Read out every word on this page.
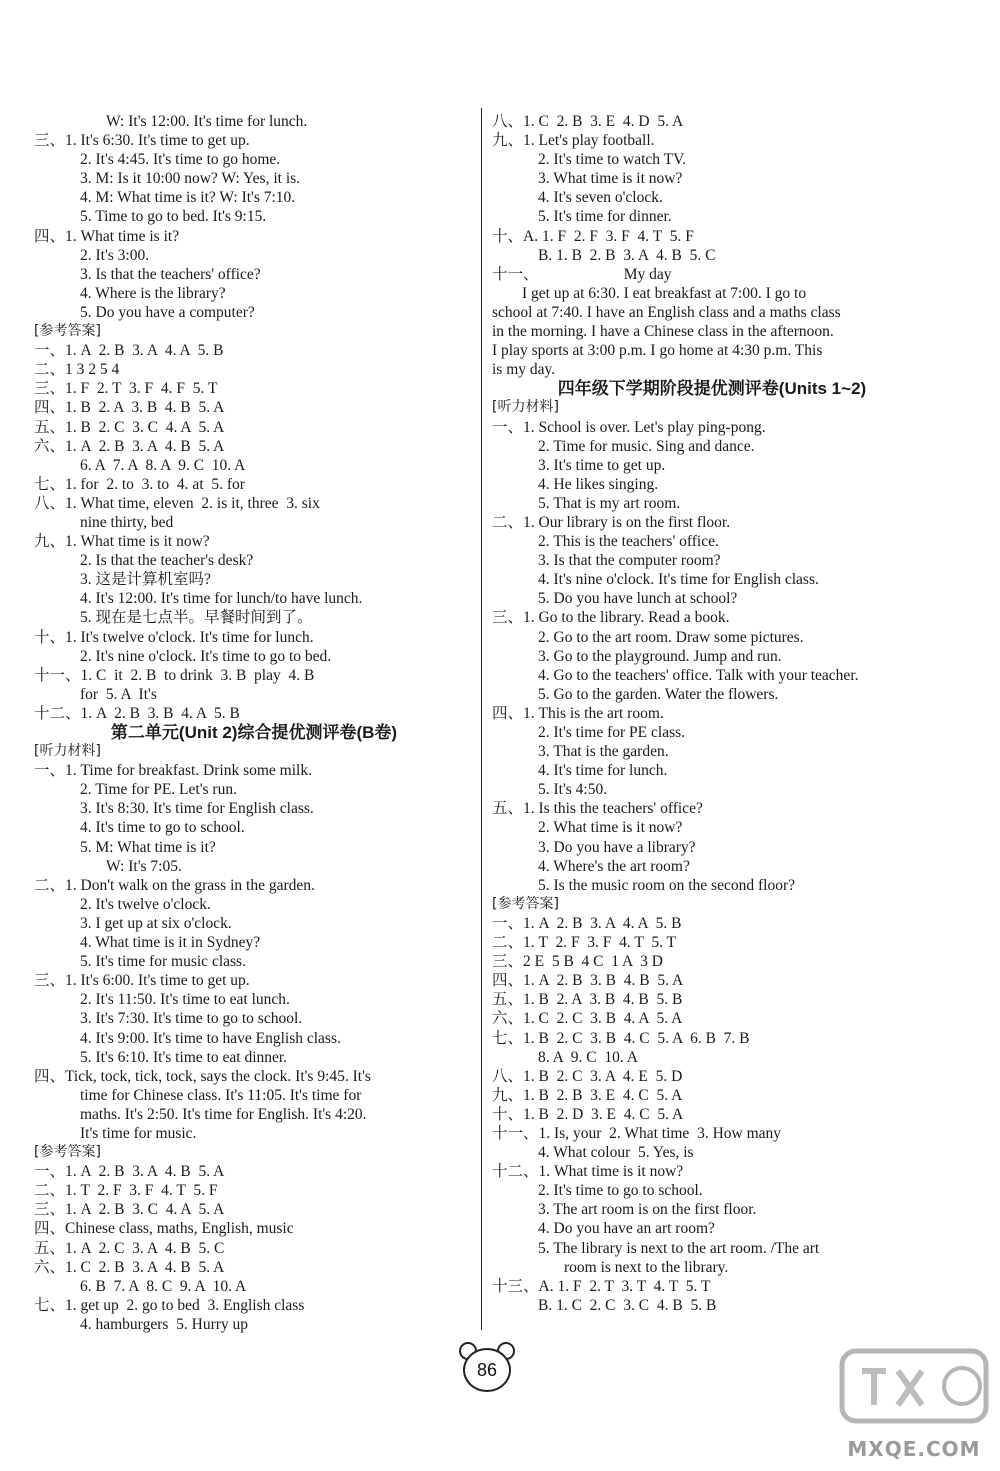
W: It's 12:00. It's time for lunch.
三、1. It's 6:30. It's time to get up.
2. It's 4:45. It's time to go home.
3. M: Is it 10:00 now? W: Yes, it is.
4. M: What time is it? W: It's 7:10.
5. Time to go to bed. It's 9:15.
四、1. What time is it?
2. It's 3:00.
3. Is that the teachers' office?
4. Where is the library?
5. Do you have a computer?
[参考答案]
一、1. A  2. B  3. A  4. A  5. B
二、1 3 2 5 4
三、1. F  2. T  3. F  4. F  5. T
四、1. B  2. A  3. B  4. B  5. A
五、1. B  2. C  3. C  4. A  5. A
六、1. A  2. B  3. A  4. B  5. A
6. A  7. A  8. A  9. C  10. A
七、1. for  2. to  3. to  4. at  5. for
八、1. What time, eleven  2. is it, three  3. six
nine thirty, bed
九、1. What time is it now?
2. Is that the teacher's desk?
3. 这是计算机室吗?
4. It's 12:00. It's time for lunch/to have lunch.
5. 现在是七点半。早餐时间到了。
十、1. It's twelve o'clock. It's time for lunch.
2. It's nine o'clock. It's time to go to bed.
十一、1. C  it  2. B  to drink  3. B  play  4. B
for  5. A  It's
十二、1. A  2. B  3. B  4. A  5. B
第二单元(Unit 2)综合提优测评卷(B卷)
[听力材料]
一、1. Time for breakfast. Drink some milk.
2. Time for PE. Let's run.
3. It's 8:30. It's time for English class.
4. It's time to go to school.
5. M: What time is it?
W: It's 7:05.
二、1. Don't walk on the grass in the garden.
2. It's twelve o'clock.
3. I get up at six o'clock.
4. What time is it in Sydney?
5. It's time for music class.
三、1. It's 6:00. It's time to get up.
2. It's 11:50. It's time to eat lunch.
3. It's 7:30. It's time to go to school.
4. It's 9:00. It's time to have English class.
5. It's 6:10. It's time to eat dinner.
四、Tick, tock, tick, tock, says the clock. It's 9:45. It's
time for Chinese class. It's 11:05. It's time for
maths. It's 2:50. It's time for English. It's 4:20.
It's time for music.
[参考答案]
一、1. A  2. B  3. A  4. B  5. A
二、1. T  2. F  3. F  4. T  5. F
三、1. A  2. B  3. C  4. A  5. A
四、Chinese class, maths, English, music
五、1. A  2. C  3. A  4. B  5. C
六、1. C  2. B  3. A  4. B  5. A
6. B  7. A  8. C  9. A  10. A
七、1. get up  2. go to bed  3. English class
4. hamburgers  5. Hurry up
八、1. C  2. B  3. E  4. D  5. A
九、1. Let's play football.
2. It's time to watch TV.
3. What time is it now?
4. It's seven o'clock.
5. It's time for dinner.
十、A. 1. F  2. F  3. F  4. T  5. F
B. 1. B  2. B  3. A  4. B  5. C
十一、                      My day
I get up at 6:30. I eat breakfast at 7:00. I go to
school at 7:40. I have an English class and a maths class
in the morning. I have a Chinese class in the afternoon.
I play sports at 3:00 p.m. I go home at 4:30 p.m. This
is my day.
四年级下学期阶段提优测评卷(Units 1~2)
[听力材料]
一、1. School is over. Let's play ping-pong.
2. Time for music. Sing and dance.
3. It's time to get up.
4. He likes singing.
5. That is my art room.
二、1. Our library is on the first floor.
2. This is the teachers' office.
3. Is that the computer room?
4. It's nine o'clock. It's time for English class.
5. Do you have lunch at school?
三、1. Go to the library. Read a book.
2. Go to the art room. Draw some pictures.
3. Go to the playground. Jump and run.
4. Go to the teachers' office. Talk with your teacher.
5. Go to the garden. Water the flowers.
四、1. This is the art room.
2. It's time for PE class.
3. That is the garden.
4. It's time for lunch.
5. It's 4:50.
五、1. Is this the teachers' office?
2. What time is it now?
3. Do you have a library?
4. Where's the art room?
5. Is the music room on the second floor?
[参考答案]
一、1. A  2. B  3. A  4. A  5. B
二、1. T  2. F  3. F  4. T  5. T
三、2 E  5 B  4 C  1 A  3 D
四、1. A  2. B  3. B  4. B  5. A
五、1. B  2. A  3. B  4. B  5. B
六、1. C  2. C  3. B  4. A  5. A
七、1. B  2. C  3. B  4. C  5. A  6. B  7. B
8. A  9. C  10. A
八、1. B  2. C  3. A  4. E  5. D
九、1. B  2. B  3. E  4. C  5. A
十、1. B  2. D  3. E  4. C  5. A
十一、1. Is, your  2. What time  3. How many
4. What colour  5. Yes, is
十二、1. What time is it now?
2. It's time to go to school.
3. The art room is on the first floor.
4. Do you have an art room?
5. The library is next to the art room. /The art
room is next to the library.
十三、A. 1. F  2. T  3. T  4. T  5. T
B. 1. C  2. C  3. C  4. B  5. B
86
MXQE.COM
